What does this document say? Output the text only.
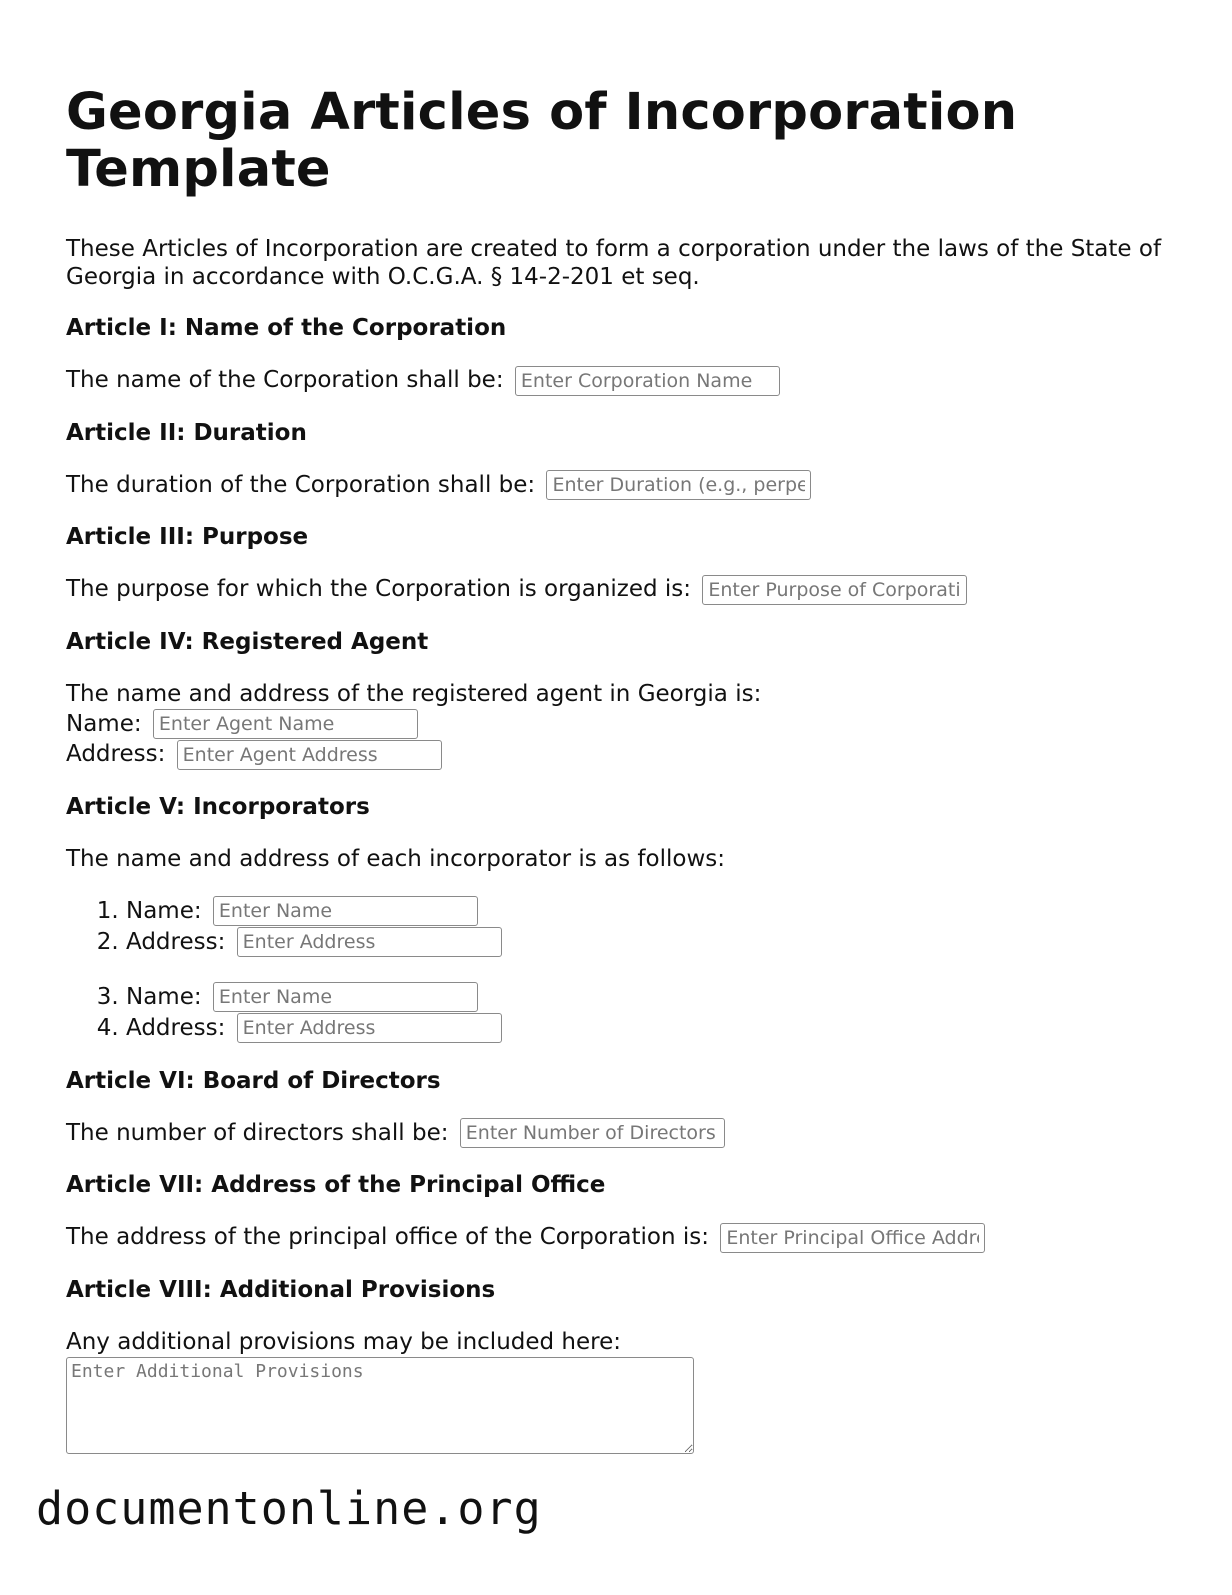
Georgia Articles of Incorporation Template

These Articles of Incorporation are created to form a corporation under the laws of the State of Georgia in accordance with O.C.G.A. § 14-2-201 et seq.

Article I: Name of the Corporation
The name of the Corporation shall be: Enter Corporation Name
Article II: Duration
The duration of the Corporation shall be: Enter Duration (e.g., perpetual)
Article III: Purpose
The purpose for which the Corporation is organized is: Enter Purpose of Corporation
Article IV: Registered Agent
The name and address of the registered agent in Georgia is:
Name: Enter Agent Name
Address: Enter Agent Address
Article V: Incorporators
The name and address of each incorporator is as follows:
1. Name: Enter Name
2. Address: Enter Address
3. Name: Enter Name
4. Address: Enter Address
Article VI: Board of Directors
The number of directors shall be: Enter Number of Directors
Article VII: Address of the Principal Office
The address of the principal office of the Corporation is: Enter Principal Office Address
Article VIII: Additional Provisions
Any additional provisions may be included here:
Enter Additional Provisions
documentonline.org
